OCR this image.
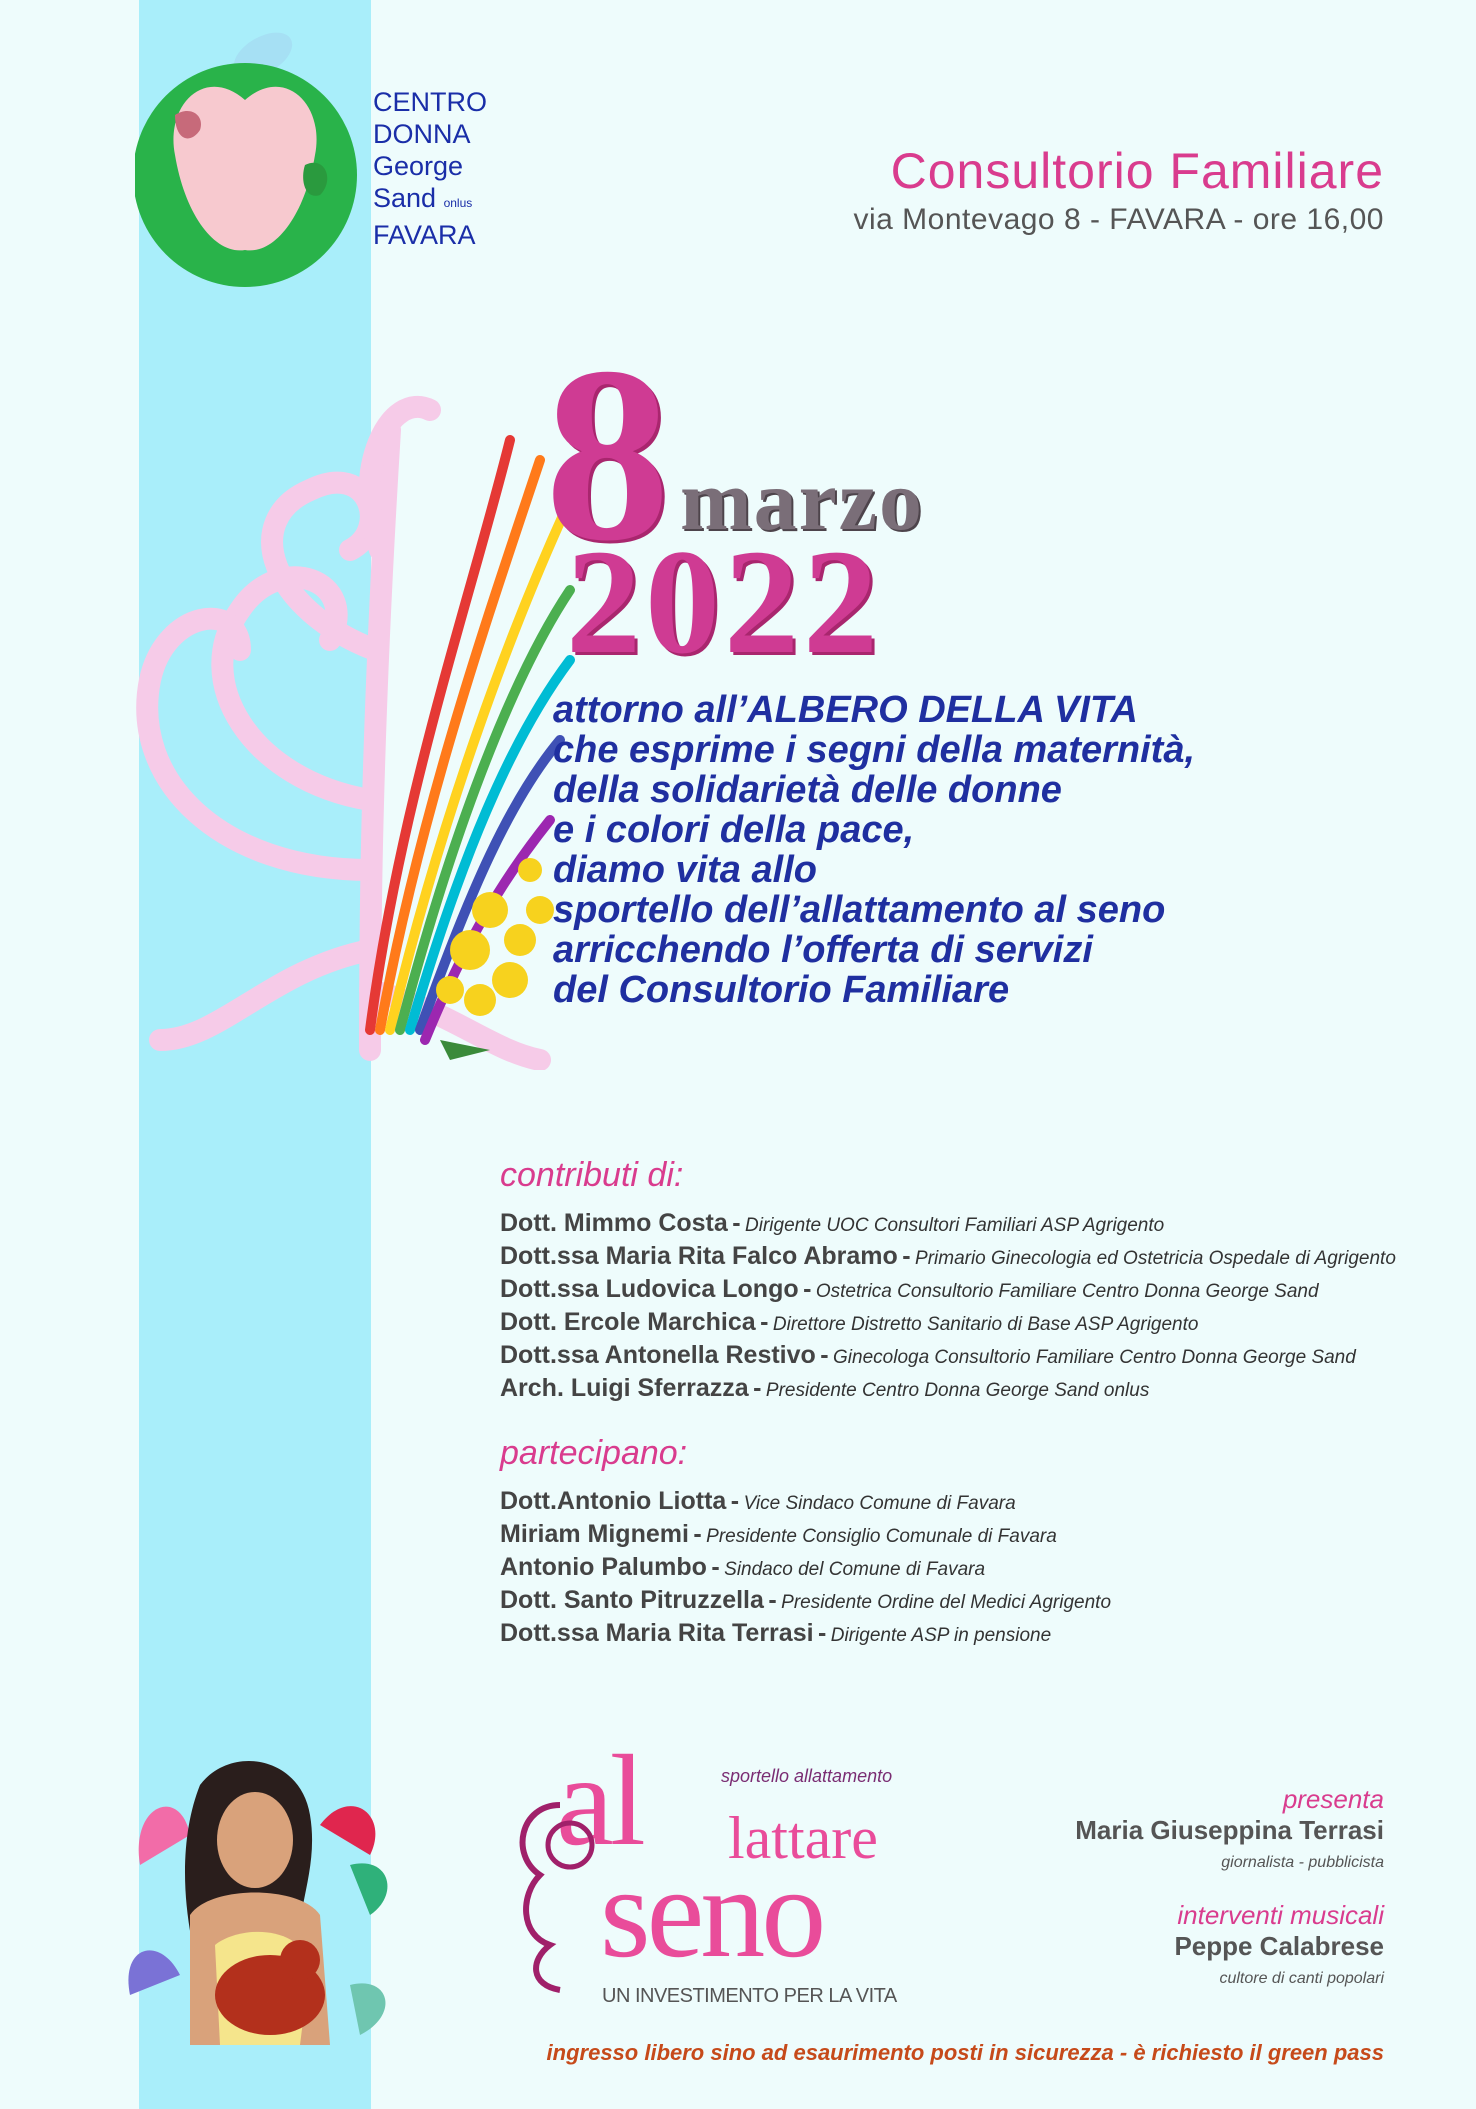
CENTRO
DONNA
George
Sand onlus
FAVARA
Consultorio Familiare
via Montevago 8 - FAVARA - ore 16,00
8 marzo
2022
attorno all’ALBERO DELLA VITA
che esprime i segni della maternità,
della solidarietà delle donne
e i colori della pace,
diamo vita allo
sportello dell’allattamento al seno
arricchendo l’offerta di servizi
del Consultorio Familiare
contributi di:
Dott. Mimmo Costa - Dirigente UOC Consultori Familiari ASP Agrigento
Dott.ssa Maria Rita Falco Abramo - Primario Ginecologia ed Ostetricia Ospedale di Agrigento
Dott.ssa Ludovica Longo - Ostetrica Consultorio Familiare Centro Donna George Sand
Dott. Ercole Marchica - Direttore Distretto Sanitario di Base ASP Agrigento
Dott.ssa Antonella Restivo - Ginecologa Consultorio Familiare Centro Donna George Sand
Arch. Luigi Sferrazza - Presidente Centro Donna George Sand onlus
partecipano:
Dott.Antonio Liotta - Vice Sindaco Comune di Favara
Miriam Mignemi - Presidente Consiglio Comunale di Favara
Antonio Palumbo - Sindaco del Comune di Favara
Dott. Santo Pitruzzella - Presidente Ordine del Medici Agrigento
Dott.ssa Maria Rita Terrasi - Dirigente ASP in pensione
sportello allattamento
al lattare
seno
UN INVESTIMENTO PER LA VITA
presenta
Maria Giuseppina Terrasi
giornalista - pubblicista
interventi musicali
Peppe Calabrese
cultore di canti popolari
ingresso libero sino ad esaurimento posti in sicurezza - è richiesto il green pass
